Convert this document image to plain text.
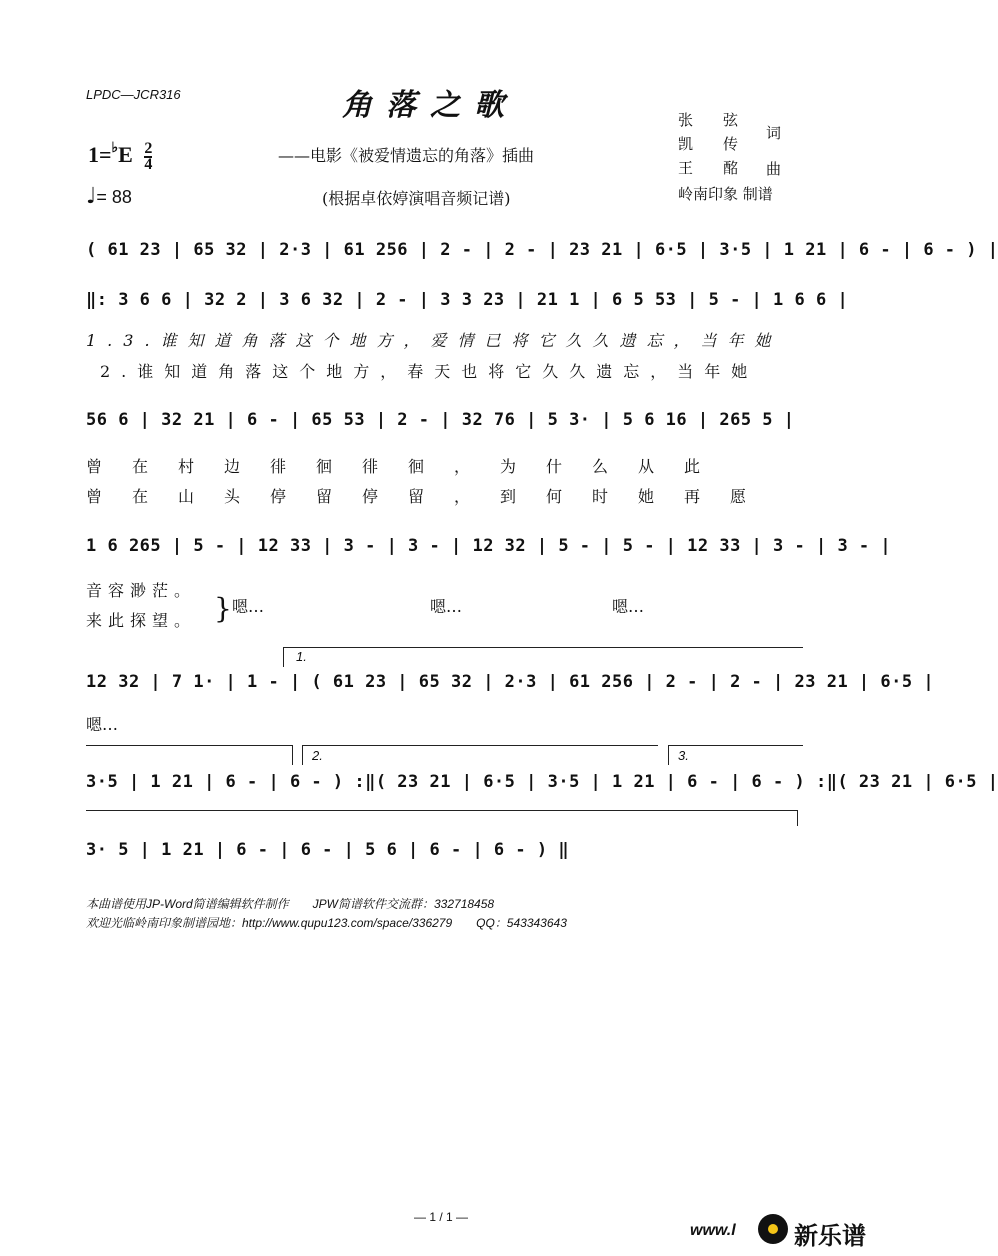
LPDC—JCR316	角落之歌
$1=^♭E \frac{2}{4}$
♩= 88
——电影《被爱情遗忘的角落》插曲
(根据卓依婷演唱音频记谱)
张　　弦
词
凯　　传
曲
王　　酩
岭南印象 制谱
( 61 23 | 65 32 | 2·3 | 61 256 | 2 - | 2 - | 23 21 | 6·5 | 3·5 | 1 21 | 6 - | 6 - ) |
‖: 3 6 6 | 32 2 | 3 6 32 | 2 - | 3 3 23 | 21 1 | 6 5 53 | 5 - | 1 6 6 |
1.3.谁知道角落这个地方，爱情已将它久久遗忘，当年她
2.谁知道角落这个地方，春天也将它久久遗忘，当年她
56 6 | 32 21 | 6 - | 65 53 | 2 - | 32 76 | 5 3· | 5 6 16 | 265 5 |
曾在村边徘徊徘徊，为什么从此
曾在山头停留停留，到何时她再愿
1 6 265 | 5 - | 12 33 | 3 - | 3 - | 12 32 | 5 - | 5 - | 12 33 | 3 - | 3 - |
音容渺茫。
来此探望。 } 嗯…	嗯…	嗯…
1.
12 32 | 7 1· | 1 - | ( 61 23 | 65 32 | 2·3 | 61 256 | 2 - | 2 - | 23 21 | 6·5 |
嗯…
2.	3.
3·5 | 1 21 | 6 - | 6 - ) :‖( 23 21 | 6·5 | 3·5 | 1 21 | 6 - | 6 - ) :‖( 23 21 | 6·5 |
3· 5 | 1 21 | 6 - | 6 - | 5 6 | 6 - | 6 - ) ‖
本曲谱使用JP-Word简谱编辑软件制作　　JPW简谱软件交流群：332718458
欢迎光临岭南印象制谱园地：http://www.qupu123.com/space/336279　　QQ：543343643
— 1 / 1 —
www.l 新乐谱
